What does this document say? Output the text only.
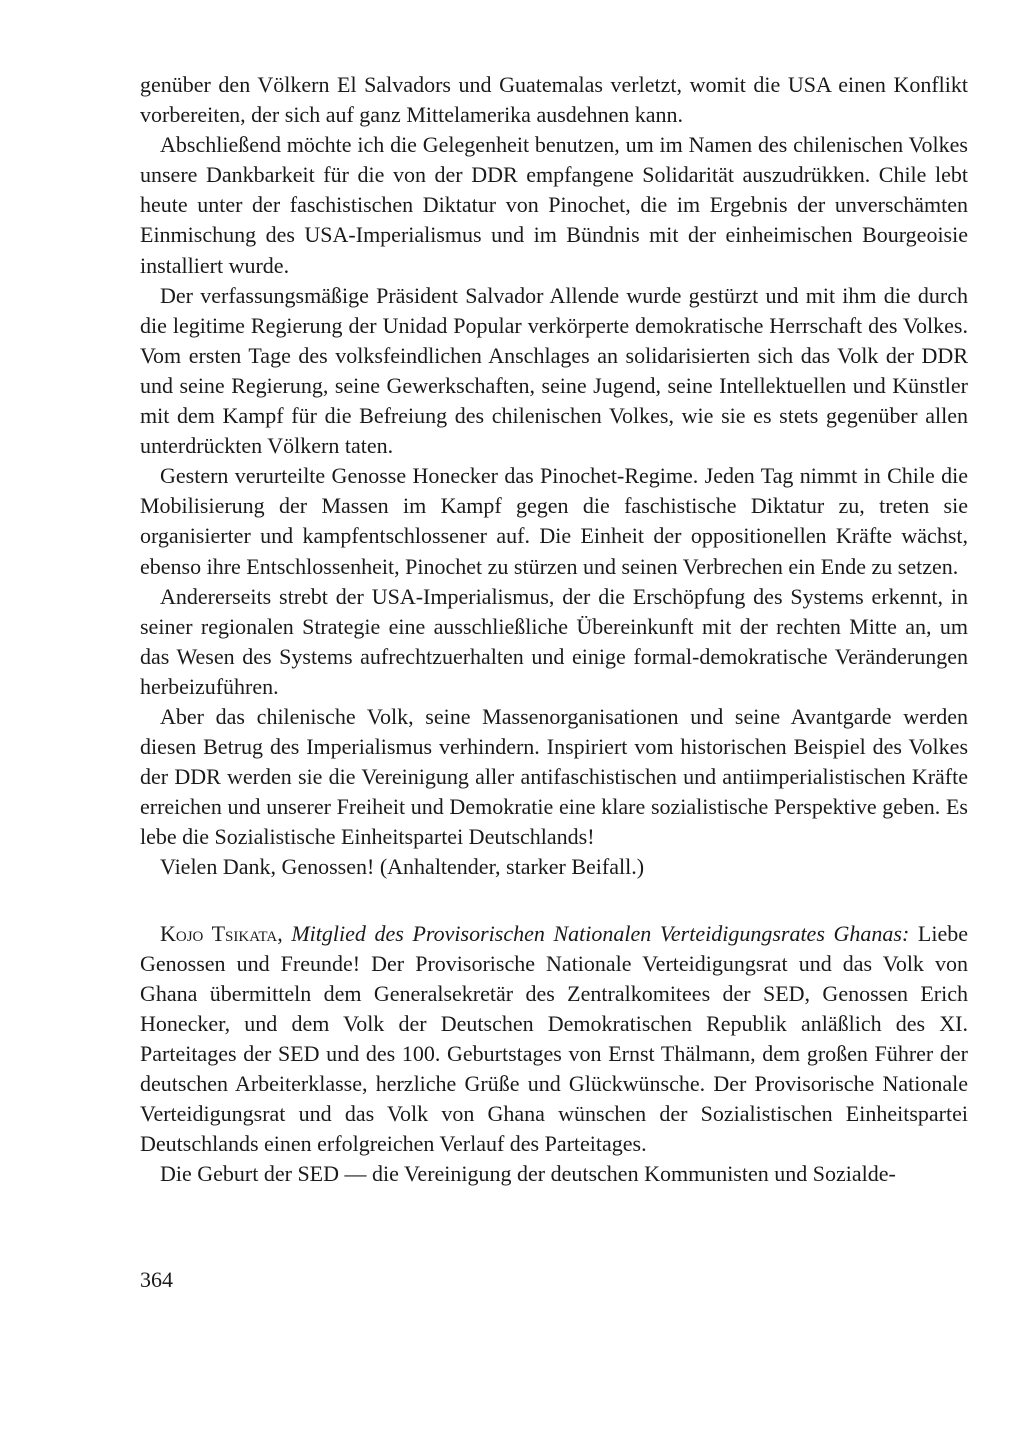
genüber den Völkern El Salvadors und Guatemalas verletzt, womit die USA einen Konflikt vorbereiten, der sich auf ganz Mittelamerika ausdehnen kann.

Abschließend möchte ich die Gelegenheit benutzen, um im Namen des chilenischen Volkes unsere Dankbarkeit für die von der DDR empfangene Solidarität auszudrükken. Chile lebt heute unter der faschistischen Diktatur von Pinochet, die im Ergebnis der unverschämten Einmischung des USA-Imperialismus und im Bündnis mit der einheimischen Bourgeoisie installiert wurde.

Der verfassungsmäßige Präsident Salvador Allende wurde gestürzt und mit ihm die durch die legitime Regierung der Unidad Popular verkörperte demokratische Herrschaft des Volkes. Vom ersten Tage des volksfeindlichen Anschlages an solidarisierten sich das Volk der DDR und seine Regierung, seine Gewerkschaften, seine Jugend, seine Intellektuellen und Künstler mit dem Kampf für die Befreiung des chilenischen Volkes, wie sie es stets gegenüber allen unterdrückten Völkern taten.

Gestern verurteilte Genosse Honecker das Pinochet-Regime. Jeden Tag nimmt in Chile die Mobilisierung der Massen im Kampf gegen die faschistische Diktatur zu, treten sie organisierter und kampfentschlossener auf. Die Einheit der oppositionellen Kräfte wächst, ebenso ihre Entschlossenheit, Pinochet zu stürzen und seinen Verbrechen ein Ende zu setzen.

Andererseits strebt der USA-Imperialismus, der die Erschöpfung des Systems erkennt, in seiner regionalen Strategie eine ausschließliche Übereinkunft mit der rechten Mitte an, um das Wesen des Systems aufrechtzuerhalten und einige formal-demokratische Veränderungen herbeizuführen.

Aber das chilenische Volk, seine Massenorganisationen und seine Avantgarde werden diesen Betrug des Imperialismus verhindern. Inspiriert vom historischen Beispiel des Volkes der DDR werden sie die Vereinigung aller antifaschistischen und antiimperialistischen Kräfte erreichen und unserer Freiheit und Demokratie eine klare sozialistische Perspektive geben. Es lebe die Sozialistische Einheitspartei Deutschlands!

Vielen Dank, Genossen! (Anhaltender, starker Beifall.)

Kojo Tsikata, Mitglied des Provisorischen Nationalen Verteidigungsrates Ghanas: Liebe Genossen und Freunde! Der Provisorische Nationale Verteidigungsrat und das Volk von Ghana übermitteln dem Generalsekretär des Zentralkomitees der SED, Genossen Erich Honecker, und dem Volk der Deutschen Demokratischen Republik anläßlich des XI. Parteitages der SED und des 100. Geburtstages von Ernst Thälmann, dem großen Führer der deutschen Arbeiterklasse, herzliche Grüße und Glückwünsche. Der Provisorische Nationale Verteidigungsrat und das Volk von Ghana wünschen der Sozialistischen Einheitspartei Deutschlands einen erfolgreichen Verlauf des Parteitages.

Die Geburt der SED — die Vereinigung der deutschen Kommunisten und Sozialde-

364
